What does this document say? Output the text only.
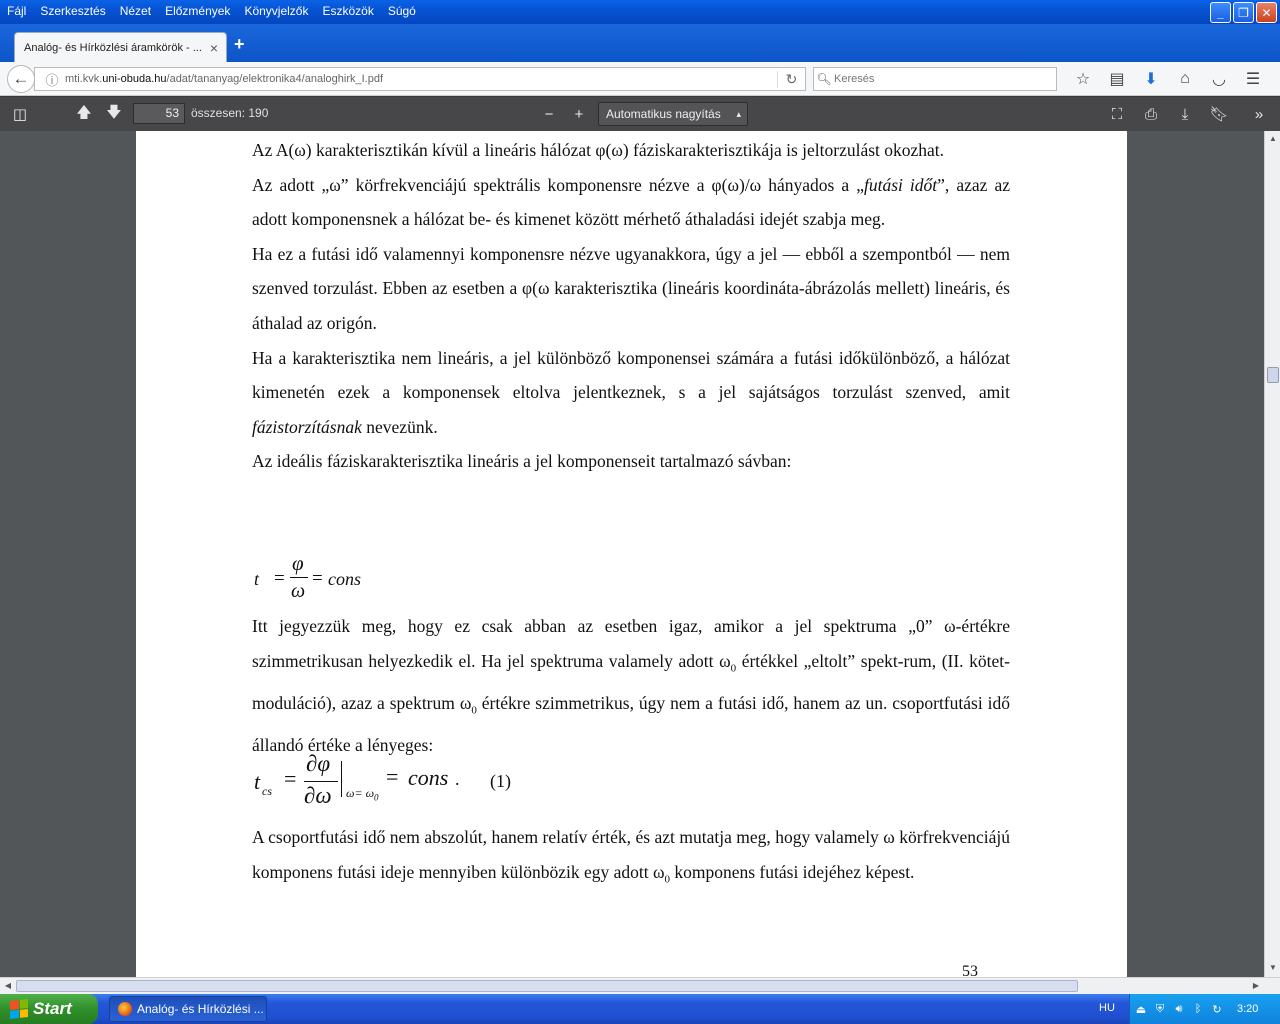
Fájl	Szerkesztés	Nézet	Előzmények	Könyvjelzők	Eszközök	Súgó	_	❐	✕
Analóg- és Hírközlési áramkörök - ... × +
ⓘ mti.kvk.uni-obuda.hu/adat/tananyag/elektronika4/analoghirk_I.pdf	↻
←	🔍︎
Keresés	☆	▤	⬇	⌂	◡	☰
◫	🡅 🡇	53	összesen: 190	−	+	Automatikus nagyítás ▴	⛶	⎙	⤓	🔖︎	»

Az A(ω) karakterisztikán kívül a lineáris hálózat φ(ω) fáziskarakterisztikája is jeltorzulást okozhat.

Az adott „ω” körfrekvenciájú spektrális komponensre nézve a φ(ω)/ω hányados a „futási időt”, azaz az adott komponensnek a hálózat be- és kimenet között mérhető áthaladási idejét szabja meg.

Ha ez a futási idő valamennyi komponensre nézve ugyanakkora, úgy a jel — ebből a szempontból — nem szenved torzulást. Ebben az esetben a φ(ω karakterisztika (lineáris koordináta-ábrázolás mellett) lineáris, és áthalad az origón.

Ha a karakterisztika nem lineáris, a jel különböző komponensei számára a futási időkülönböző, a hálózat kimenetén ezek a komponensek eltolva jelentkeznek, s a jel sajátságos torzulást szenved, amit fázistorzításnak nevezünk.

Az ideális fáziskarakterisztika lineáris a jel komponenseit tartalmazó sávban:

t =
φ
ω
= cons

Itt jegyezzük meg, hogy ez csak abban az esetben igaz, amikor a jel spektruma „0” ω-értékre szimmetrikusan helyezkedik el. Ha jel spektruma valamely adott $\omega_0$ értékkel „eltolt” spekt-rum, (II. kötet- moduláció), azaz a spektrum $\omega_0$ értékre szimmetrikus, úgy nem a futási idő, hanem az un. csoportfutási idő állandó értéke a lényeges:

t cs =
∂φ
∂ω $\omega= \omega_0$
= cons . (1)

A csoportfutási idő nem abszolút, hanem relatív érték, és azt mutatja meg, hogy valamely ω körfrekvenciájú komponens futási ideje mennyiben különbözik egy adott $\omega_0$ komponens futási idejéhez képest.

53
▲
▼
◀	▶
Start	Analóg- és Hírközlési ...	HU ⏏ ⛨	🔊︎	ᛒ	↻	3:20
